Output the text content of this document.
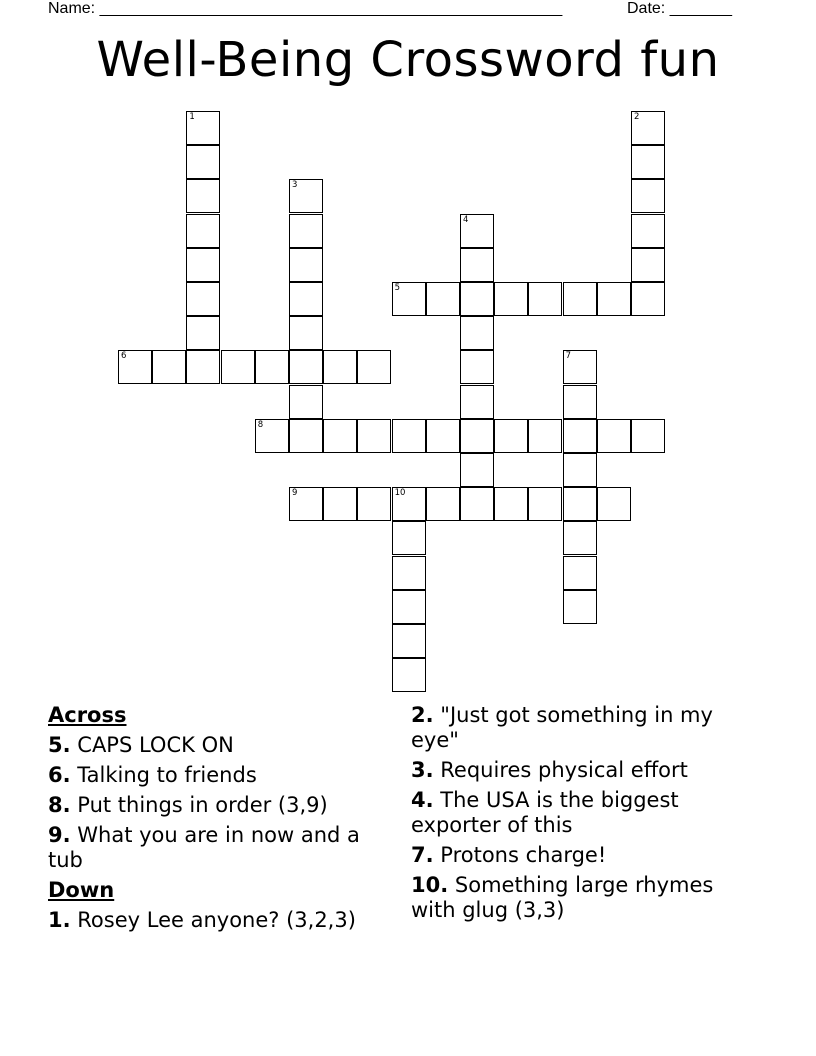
Name: ____________________________________________________	Date: _______
Well-Being Crossword fun
1	2
3
4
5
6	7
8
9	10
Across
5. CAPS LOCK ON
6. Talking to friends
8. Put things in order (3,9)
9. What you are in now and a tub
Down
1. Rosey Lee anyone? (3,2,3)
2. "Just got something in my eye"
3. Requires physical effort
4. The USA is the biggest exporter of this
7. Protons charge!
10. Something large rhymes with glug (3,3)
